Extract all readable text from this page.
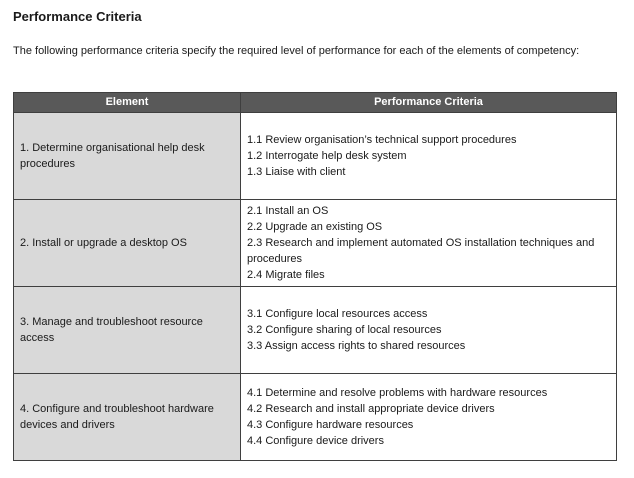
Performance Criteria
The following performance criteria specify the required level of performance for each of the elements of competency:
Element	Performance Criteria
1. Determine organisational help desk procedures	1.1 Review organisation’s technical support procedures
1.2 Interrogate help desk system
1.3 Liaise with client

2. Install or upgrade a desktop OS	2.1 Install an OS
2.2 Upgrade an existing OS
2.3 Research and implement automated OS installation techniques and procedures
2.4 Migrate files

3. Manage and troubleshoot resource access	3.1 Configure local resources access
3.2 Configure sharing of local resources
3.3 Assign access rights to shared resources

4. Configure and troubleshoot hardware devices and drivers	4.1 Determine and resolve problems with hardware resources
4.2 Research and install appropriate device drivers
4.3 Configure hardware resources
4.4 Configure device drivers
